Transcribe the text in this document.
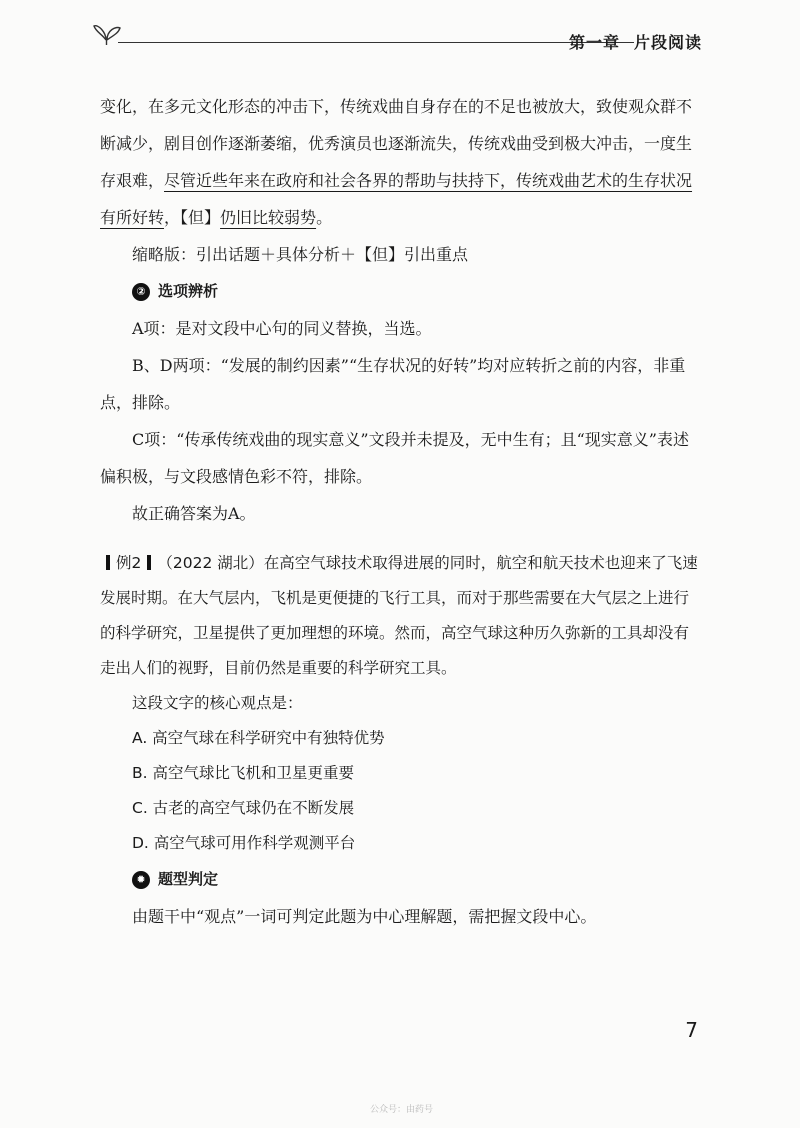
第一章 片段阅读

变化，在多元文化形态的冲击下，传统戏曲自身存在的不足也被放大，致使观众群不断减少，剧目创作逐渐萎缩，优秀演员也逐渐流失，传统戏曲受到极大冲击，一度生存艰难，尽管近些年来在政府和社会各界的帮助与扶持下，传统戏曲艺术的生存状况有所好转，【但】仍旧比较弱势。

缩略版：引出话题＋具体分析＋【但】引出重点

② 选项辨析

A项：是对文段中心句的同义替换，当选。

B、D两项：“发展的制约因素”“生存状况的好转”均对应转折之前的内容，非重点，排除。

C项：“传承传统戏曲的现实意义”文段并未提及，无中生有；且“现实意义”表述偏积极，与文段感情色彩不符，排除。

故正确答案为A。

例2 （2022 湖北）在高空气球技术取得进展的同时，航空和航天技术也迎来了飞速发展时期。在大气层内，飞机是更便捷的飞行工具，而对于那些需要在大气层之上进行的科学研究，卫星提供了更加理想的环境。然而，高空气球这种历久弥新的工具却没有走出人们的视野，目前仍然是重要的科学研究工具。

这段文字的核心观点是：

A. 高空气球在科学研究中有独特优势

B. 高空气球比飞机和卫星更重要

C. 古老的高空气球仍在不断发展

D. 高空气球可用作科学观测平台

✹ 题型判定

由题干中“观点”一词可判定此题为中心理解题，需把握文段中心。

7
公众号：由药号
